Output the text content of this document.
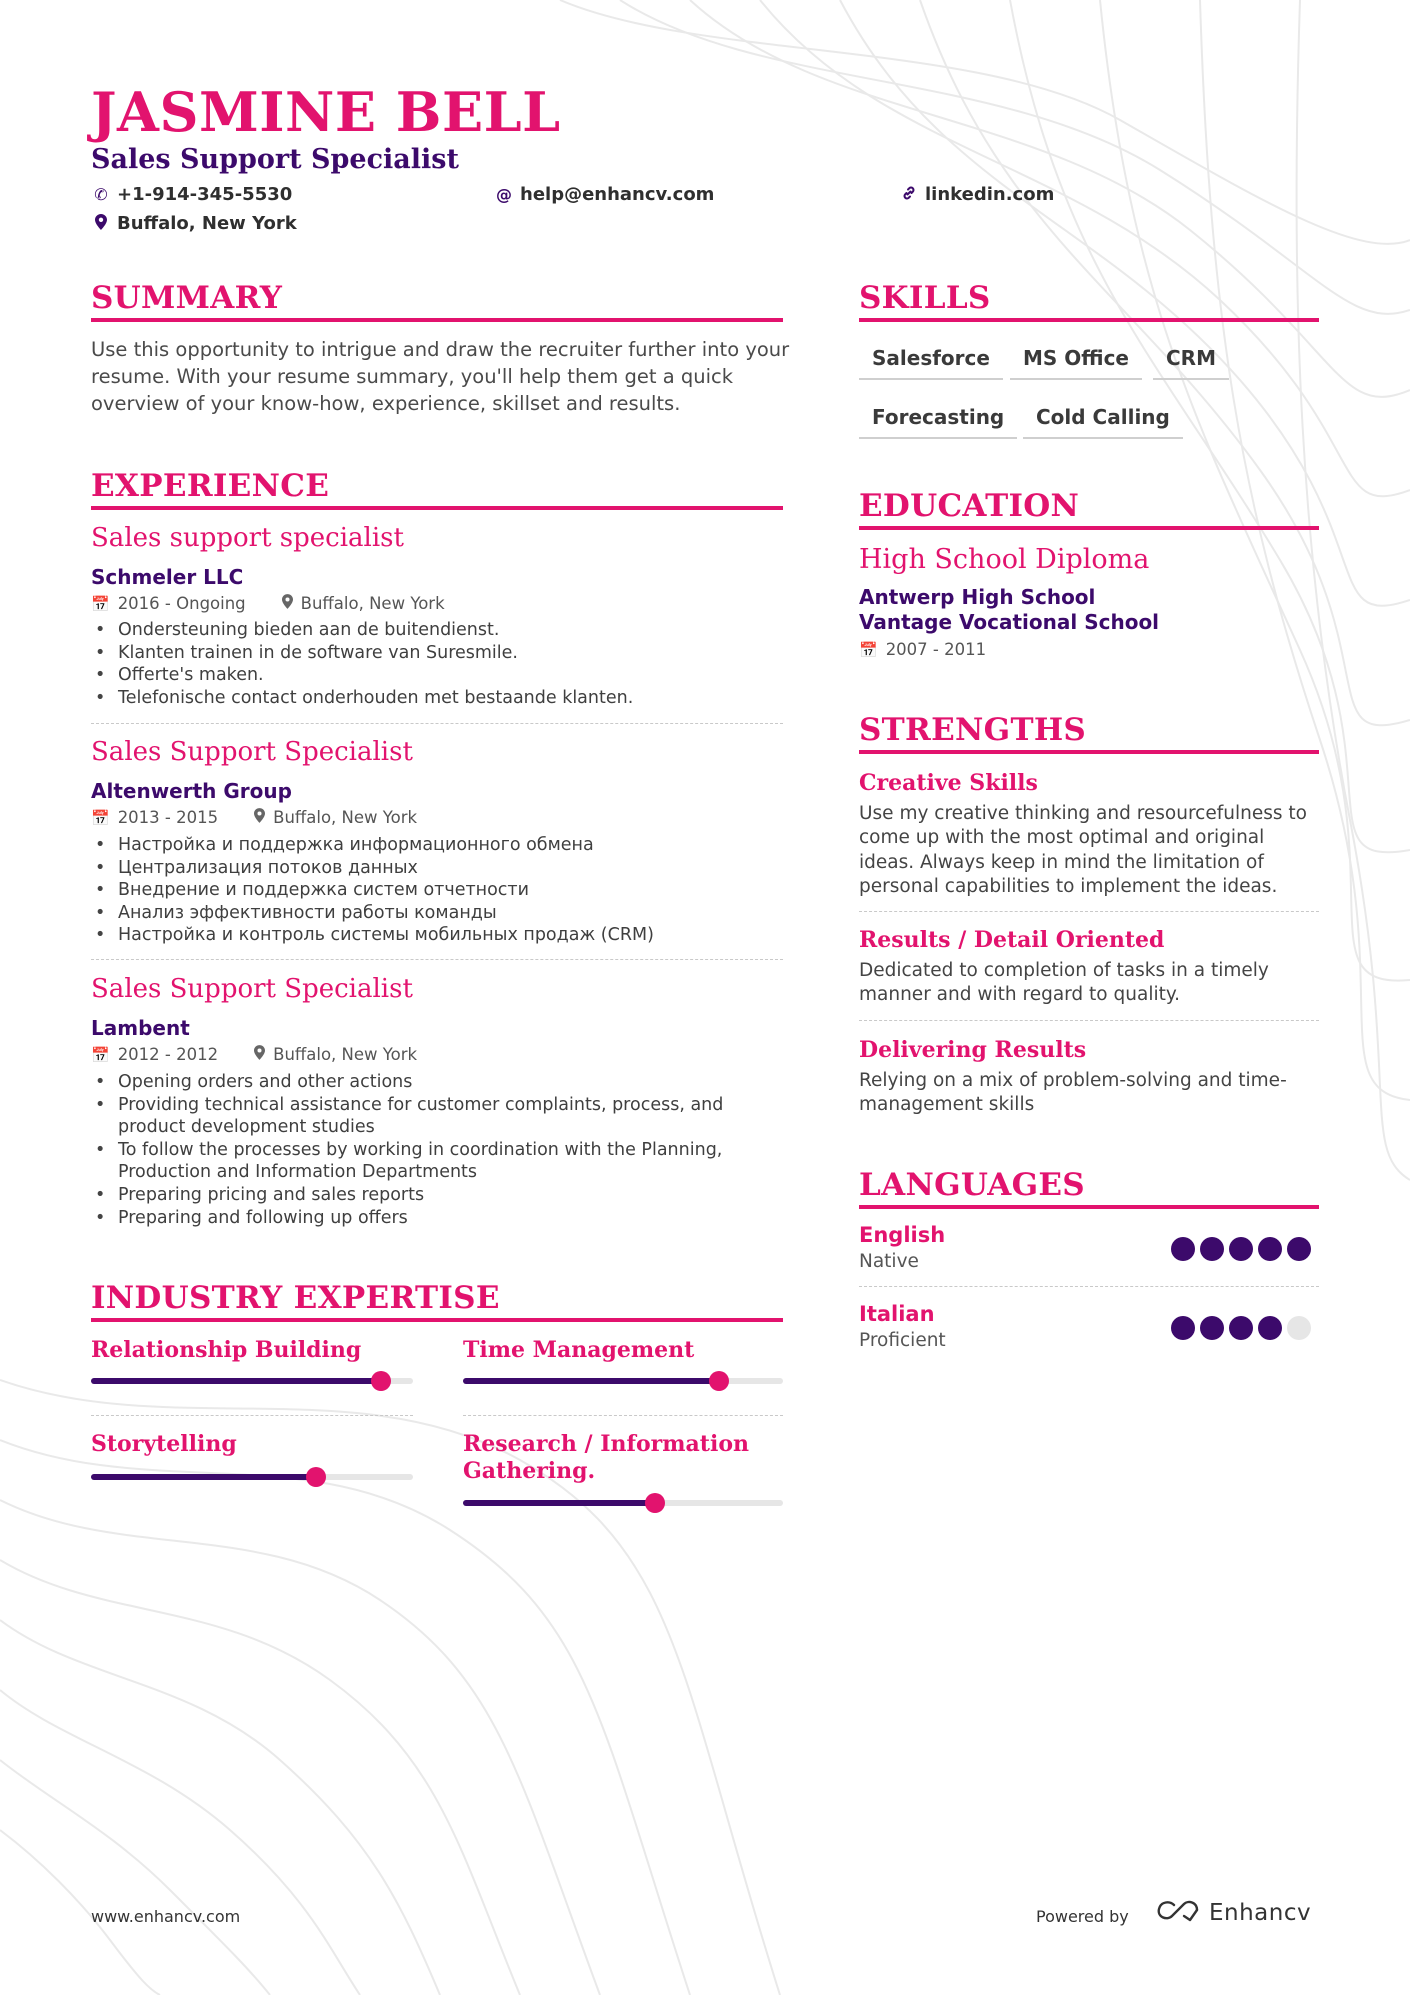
JASMINE BELL
Sales Support Specialist
✆ +1-914-345-5530	@ help@enhancv.com	linkedin.com
Buffalo, New York
SUMMARY
Use this opportunity to intrigue and draw the recruiter further into your resume. With your resume summary, you'll help them get a quick overview of your know-how, experience, skillset and results.
EXPERIENCE
Sales support specialist
Schmeler LLC
📅 2016 - Ongoing	Buffalo, New York
• Ondersteuning bieden aan de buitendienst.
• Klanten trainen in de software van Suresmile.
• Offerte's maken.
• Telefonische contact onderhouden met bestaande klanten.
Sales Support Specialist
Altenwerth Group
📅 2013 - 2015	Buffalo, New York
• Настройка и поддержка информационного обмена
• Централизация потоков данных
• Внедрение и поддержка систем отчетности
• Анализ эффективности работы команды
• Настройка и контроль системы мобильных продаж (CRM)
Sales Support Specialist
Lambent
📅 2012 - 2012	Buffalo, New York
• Opening orders and other actions
• Providing technical assistance for customer complaints, process, and product development studies
• To follow the processes by working in coordination with the Planning, Production and Information Departments
• Preparing pricing and sales reports
• Preparing and following up offers
INDUSTRY EXPERTISE
Relationship Building	Time Management
Storytelling	Research / Information Gathering.
SKILLS
Salesforce	MS Office	CRM
Forecasting	Cold Calling
EDUCATION
High School Diploma
Antwerp High School
Vantage Vocational School
📅 2007 - 2011
STRENGTHS
Creative Skills
Use my creative thinking and resourcefulness to come up with the most optimal and original ideas. Always keep in mind the limitation of personal capabilities to implement the ideas.
Results / Detail Oriented
Dedicated to completion of tasks in a timely manner and with regard to quality.
Delivering Results
Relying on a mix of problem-solving and time-management skills
LANGUAGES
English
Native
Italian
Proficient
www.enhancv.com	Powered by	Enhancv
